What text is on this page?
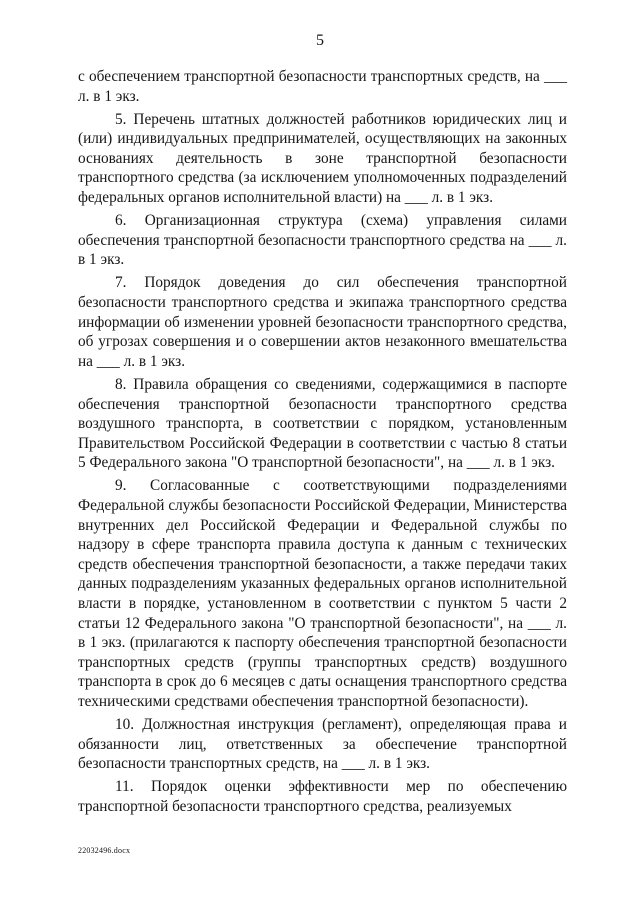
5

с обеспечением транспортной безопасности транспортных средств, на ___ л. в 1 экз.

5. Перечень штатных должностей работников юридических лиц и (или) индивидуальных предпринимателей, осуществляющих на законных основаниях деятельность в зоне транспортной безопасности транспортного средства (за исключением уполномоченных подразделений федеральных органов исполнительной власти) на ___ л. в 1 экз.

6. Организационная структура (схема) управления силами обеспечения транспортной безопасности транспортного средства на ___ л. в 1 экз.

7. Порядок доведения до сил обеспечения транспортной безопасности транспортного средства и экипажа транспортного средства информации об изменении уровней безопасности транспортного средства, об угрозах совершения и о совершении актов незаконного вмешательства на ___ л. в 1 экз.

8. Правила обращения со сведениями, содержащимися в паспорте обеспечения транспортной безопасности транспортного средства воздушного транспорта, в соответствии с порядком, установленным Правительством Российской Федерации в соответствии с частью 8 статьи 5 Федерального закона "О транспортной безопасности", на ___ л. в 1 экз.

9. Согласованные с соответствующими подразделениями Федеральной службы безопасности Российской Федерации, Министерства внутренних дел Российской Федерации и Федеральной службы по надзору в сфере транспорта правила доступа к данным с технических средств обеспечения транспортной безопасности, а также передачи таких данных подразделениям указанных федеральных органов исполнительной власти в порядке, установленном в соответствии с пунктом 5 части 2 статьи 12 Федерального закона "О транспортной безопасности", на ___ л. в 1 экз. (прилагаются к паспорту обеспечения транспортной безопасности транспортных средств (группы транспортных средств) воздушного транспорта в срок до 6 месяцев с даты оснащения транспортного средства техническими средствами обеспечения транспортной безопасности).

10. Должностная инструкция (регламент), определяющая права и обязанности лиц, ответственных за обеспечение транспортной безопасности транспортных средств, на ___ л. в 1 экз.

11. Порядок оценки эффективности мер по обеспечению транспортной безопасности транспортного средства, реализуемых

22032496.docx
